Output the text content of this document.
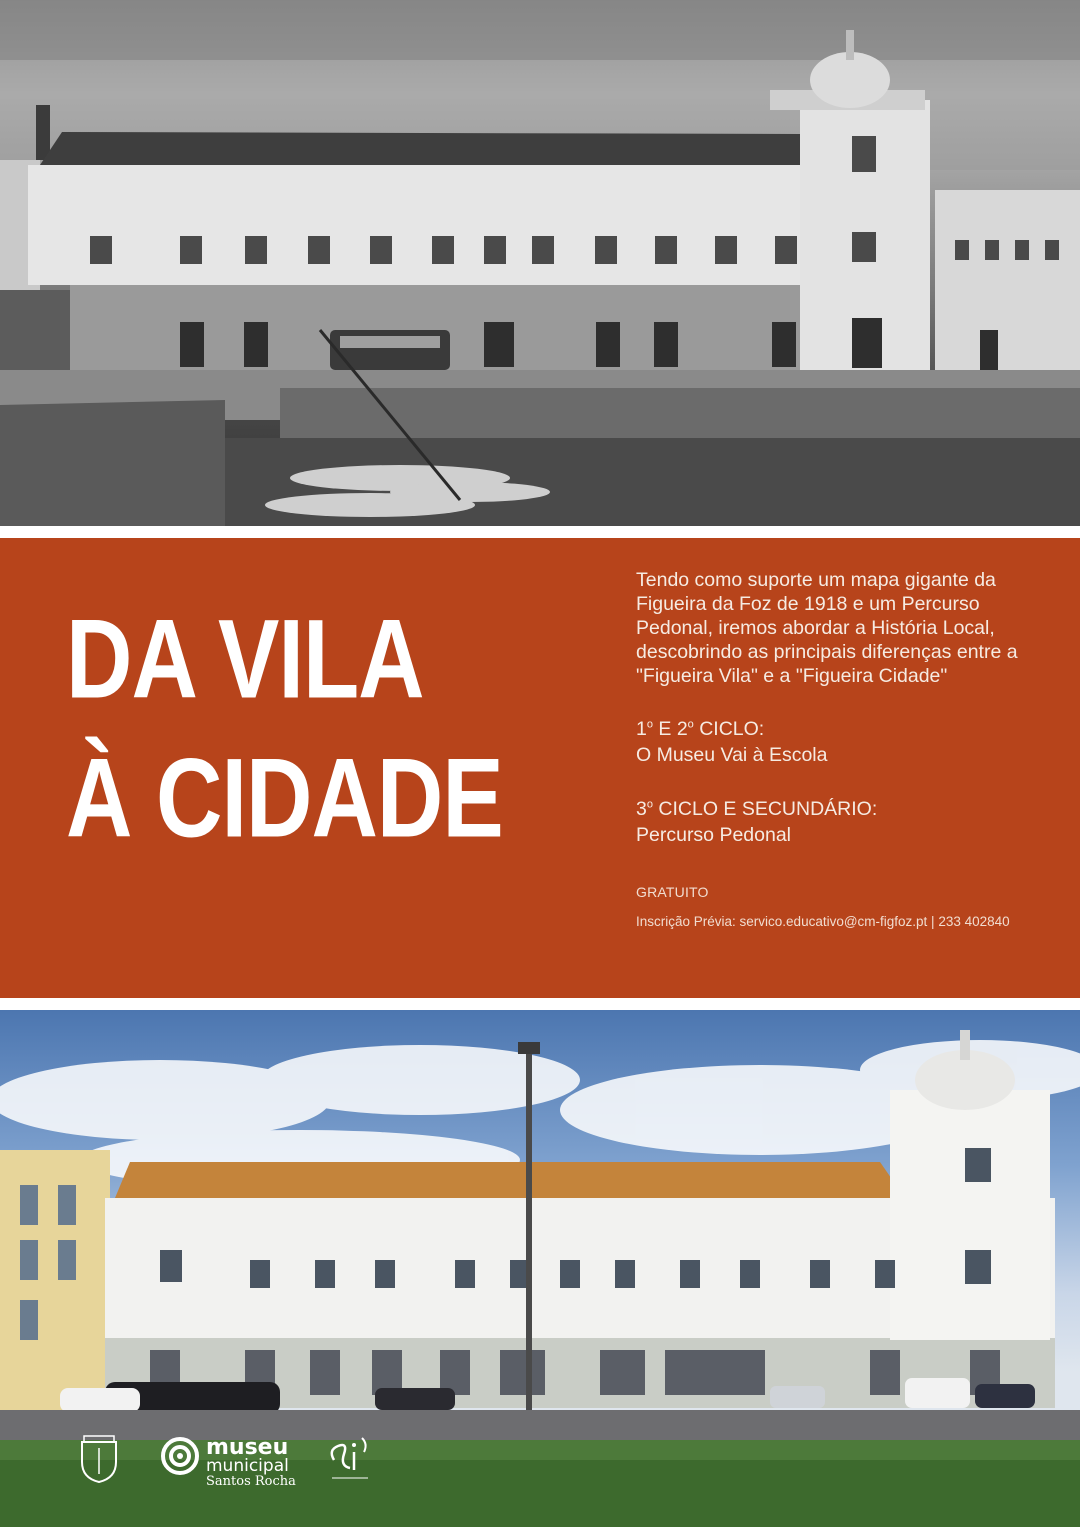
DA VILA
À CIDADE

Tendo como suporte um mapa gigante da Figueira da Foz de 1918 e um Percurso Pedonal, iremos abordar a História Local, descobrindo as principais diferenças entre a "Figueira Vila" e a "Figueira Cidade"

1$^o$ E 2$^o$ CICLO:
O Museu Vai à Escola

3$^o$ CICLO E SECUNDÁRIO:
Percurso Pedonal

GRATUITO

Inscrição Prévia: servico.educativo@cm-figfoz.pt | 233 402840

museu
municipal
Santos Rocha
